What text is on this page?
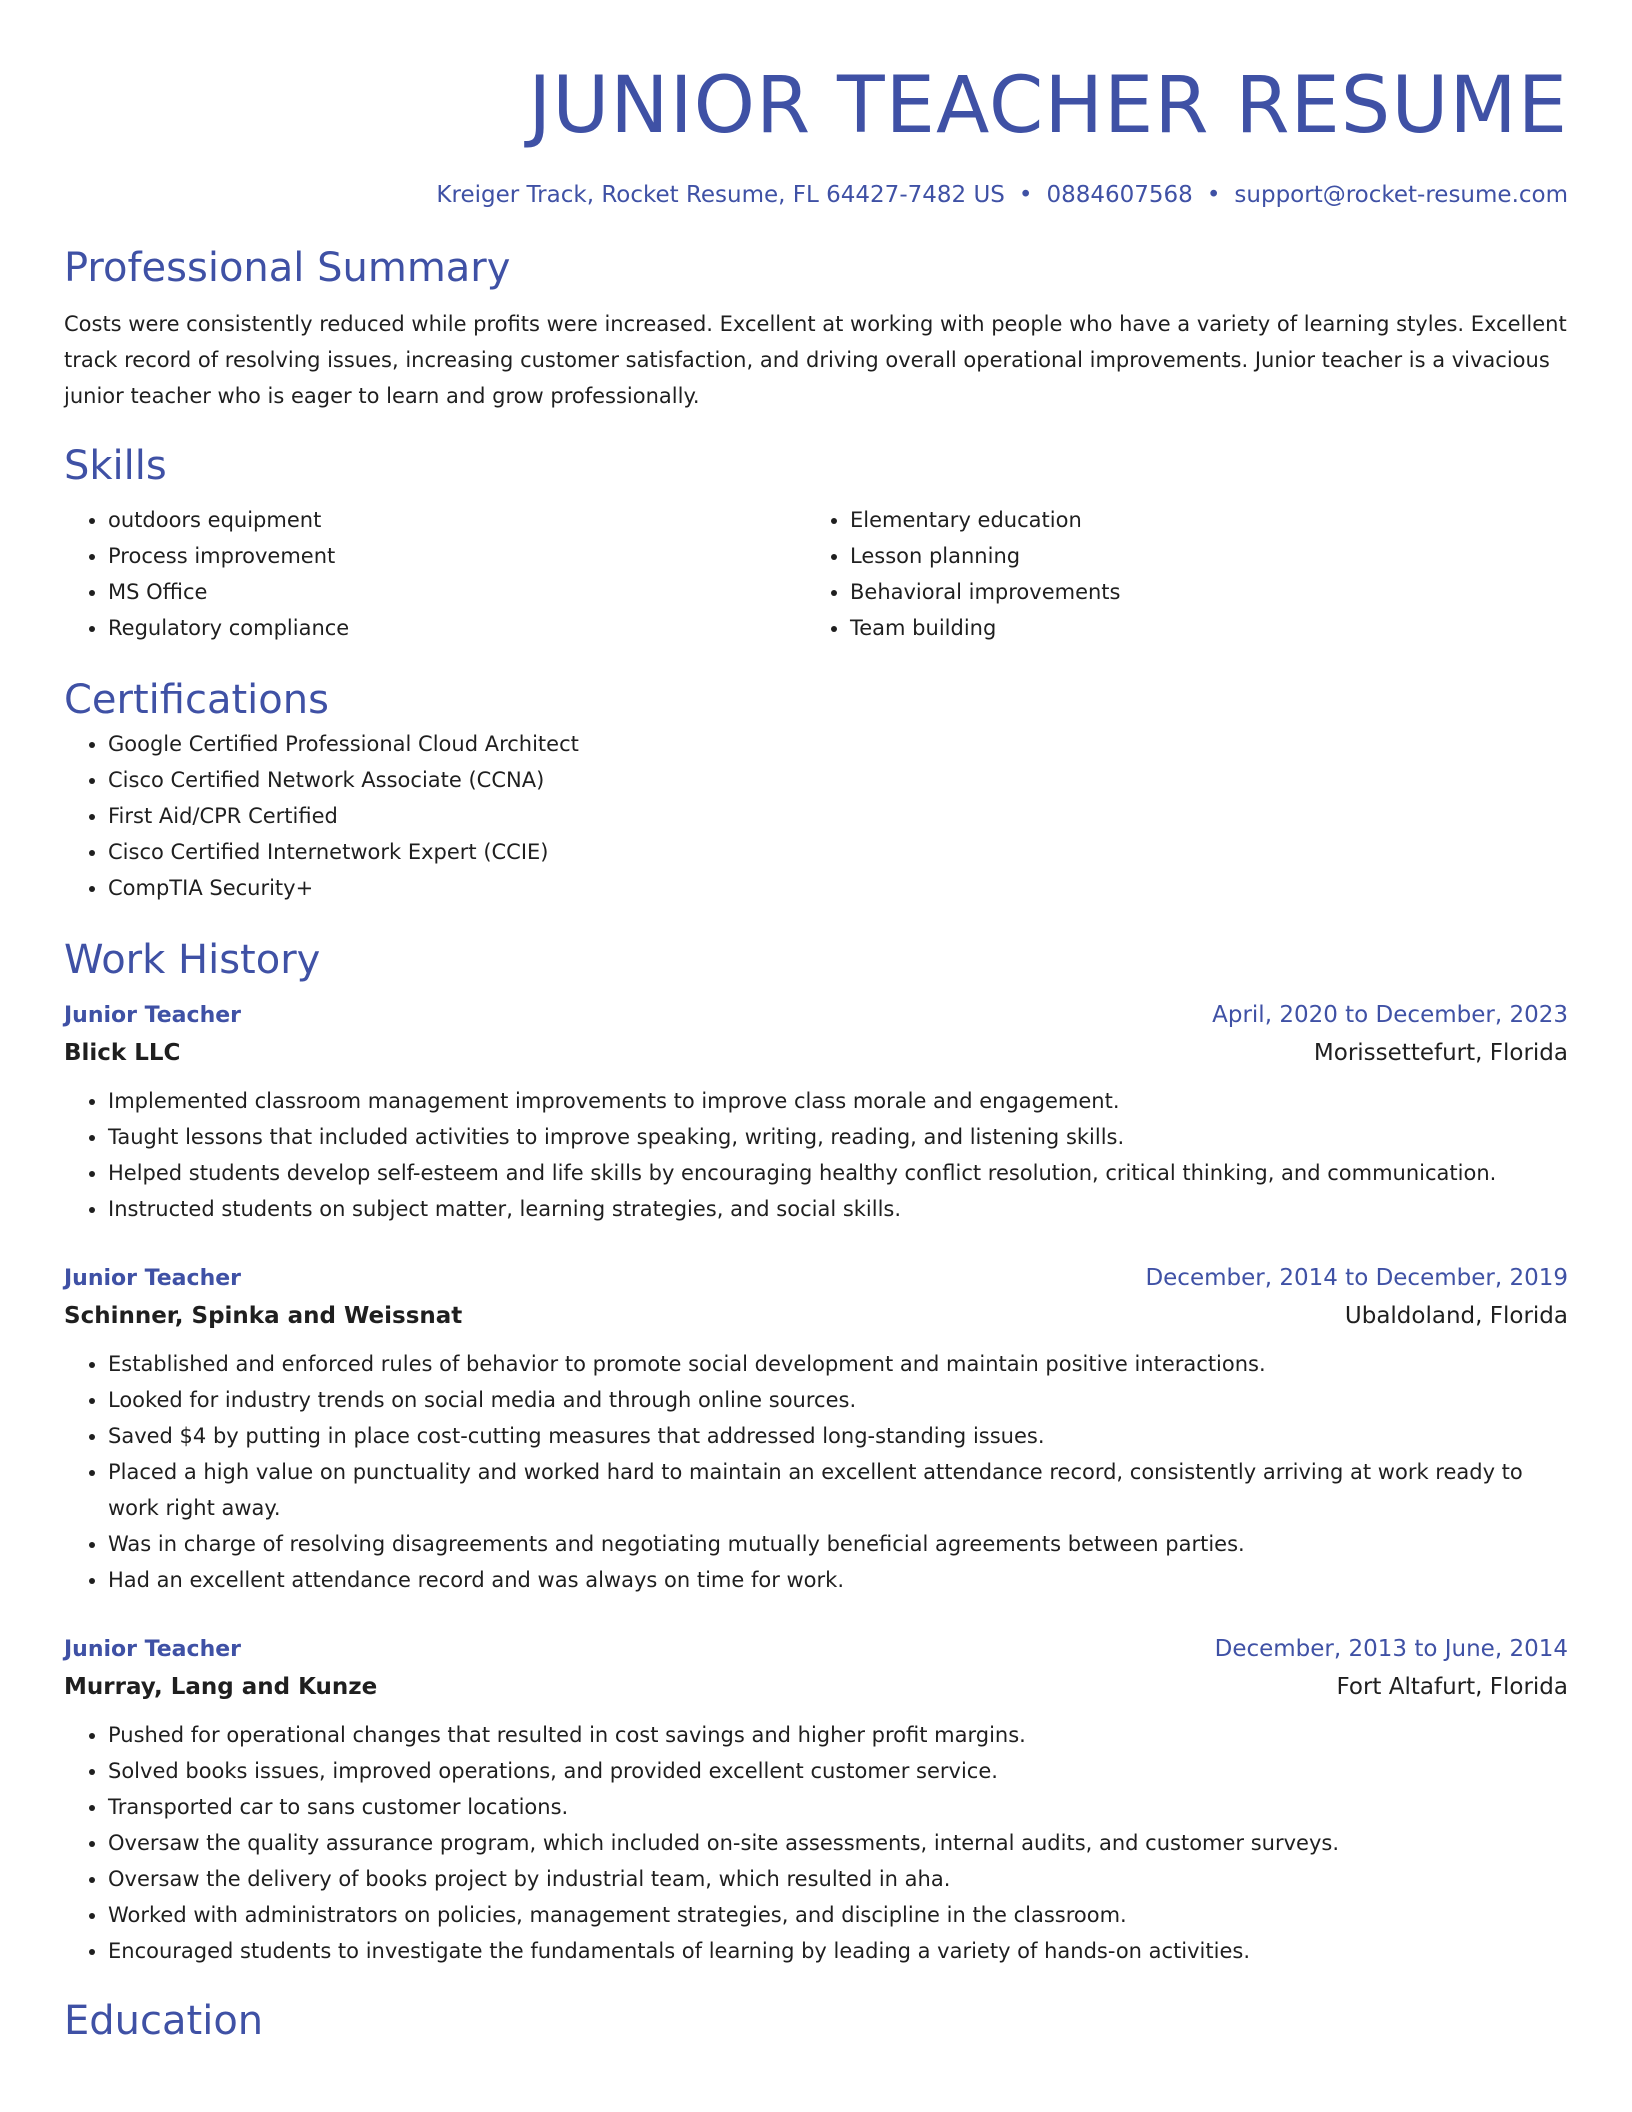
JUNIOR TEACHER RESUME
Kreiger Track, Rocket Resume, FL 64427-7482 US • 0884607568 • support@rocket-resume.com
Professional Summary
Costs were consistently reduced while profits were increased. Excellent at working with people who have a variety of learning styles. Excellent track record of resolving issues, increasing customer satisfaction, and driving overall operational improvements. Junior teacher is a vivacious junior teacher who is eager to learn and grow professionally.
Skills
• outdoors equipment
• Process improvement
• MS Office
• Regulatory compliance
• Elementary education
• Lesson planning
• Behavioral improvements
• Team building
Certifications
• Google Certified Professional Cloud Architect
• Cisco Certified Network Associate (CCNA)
• First Aid/CPR Certified
• Cisco Certified Internetwork Expert (CCIE)
• CompTIA Security+
Work History
Junior Teacher	April, 2020 to December, 2023
Blick LLC	Morissettefurt, Florida
• Implemented classroom management improvements to improve class morale and engagement.
• Taught lessons that included activities to improve speaking, writing, reading, and listening skills.
• Helped students develop self-esteem and life skills by encouraging healthy conflict resolution, critical thinking, and communication.
• Instructed students on subject matter, learning strategies, and social skills.
Junior Teacher	December, 2014 to December, 2019
Schinner, Spinka and Weissnat	Ubaldoland, Florida
• Established and enforced rules of behavior to promote social development and maintain positive interactions.
• Looked for industry trends on social media and through online sources.
• Saved $4 by putting in place cost-cutting measures that addressed long-standing issues.
• Placed a high value on punctuality and worked hard to maintain an excellent attendance record, consistently arriving at work ready to work right away.
• Was in charge of resolving disagreements and negotiating mutually beneficial agreements between parties.
• Had an excellent attendance record and was always on time for work.
Junior Teacher	December, 2013 to June, 2014
Murray, Lang and Kunze	Fort Altafurt, Florida
• Pushed for operational changes that resulted in cost savings and higher profit margins.
• Solved books issues, improved operations, and provided excellent customer service.
• Transported car to sans customer locations.
• Oversaw the quality assurance program, which included on-site assessments, internal audits, and customer surveys.
• Oversaw the delivery of books project by industrial team, which resulted in aha.
• Worked with administrators on policies, management strategies, and discipline in the classroom.
• Encouraged students to investigate the fundamentals of learning by leading a variety of hands-on activities.
Education
